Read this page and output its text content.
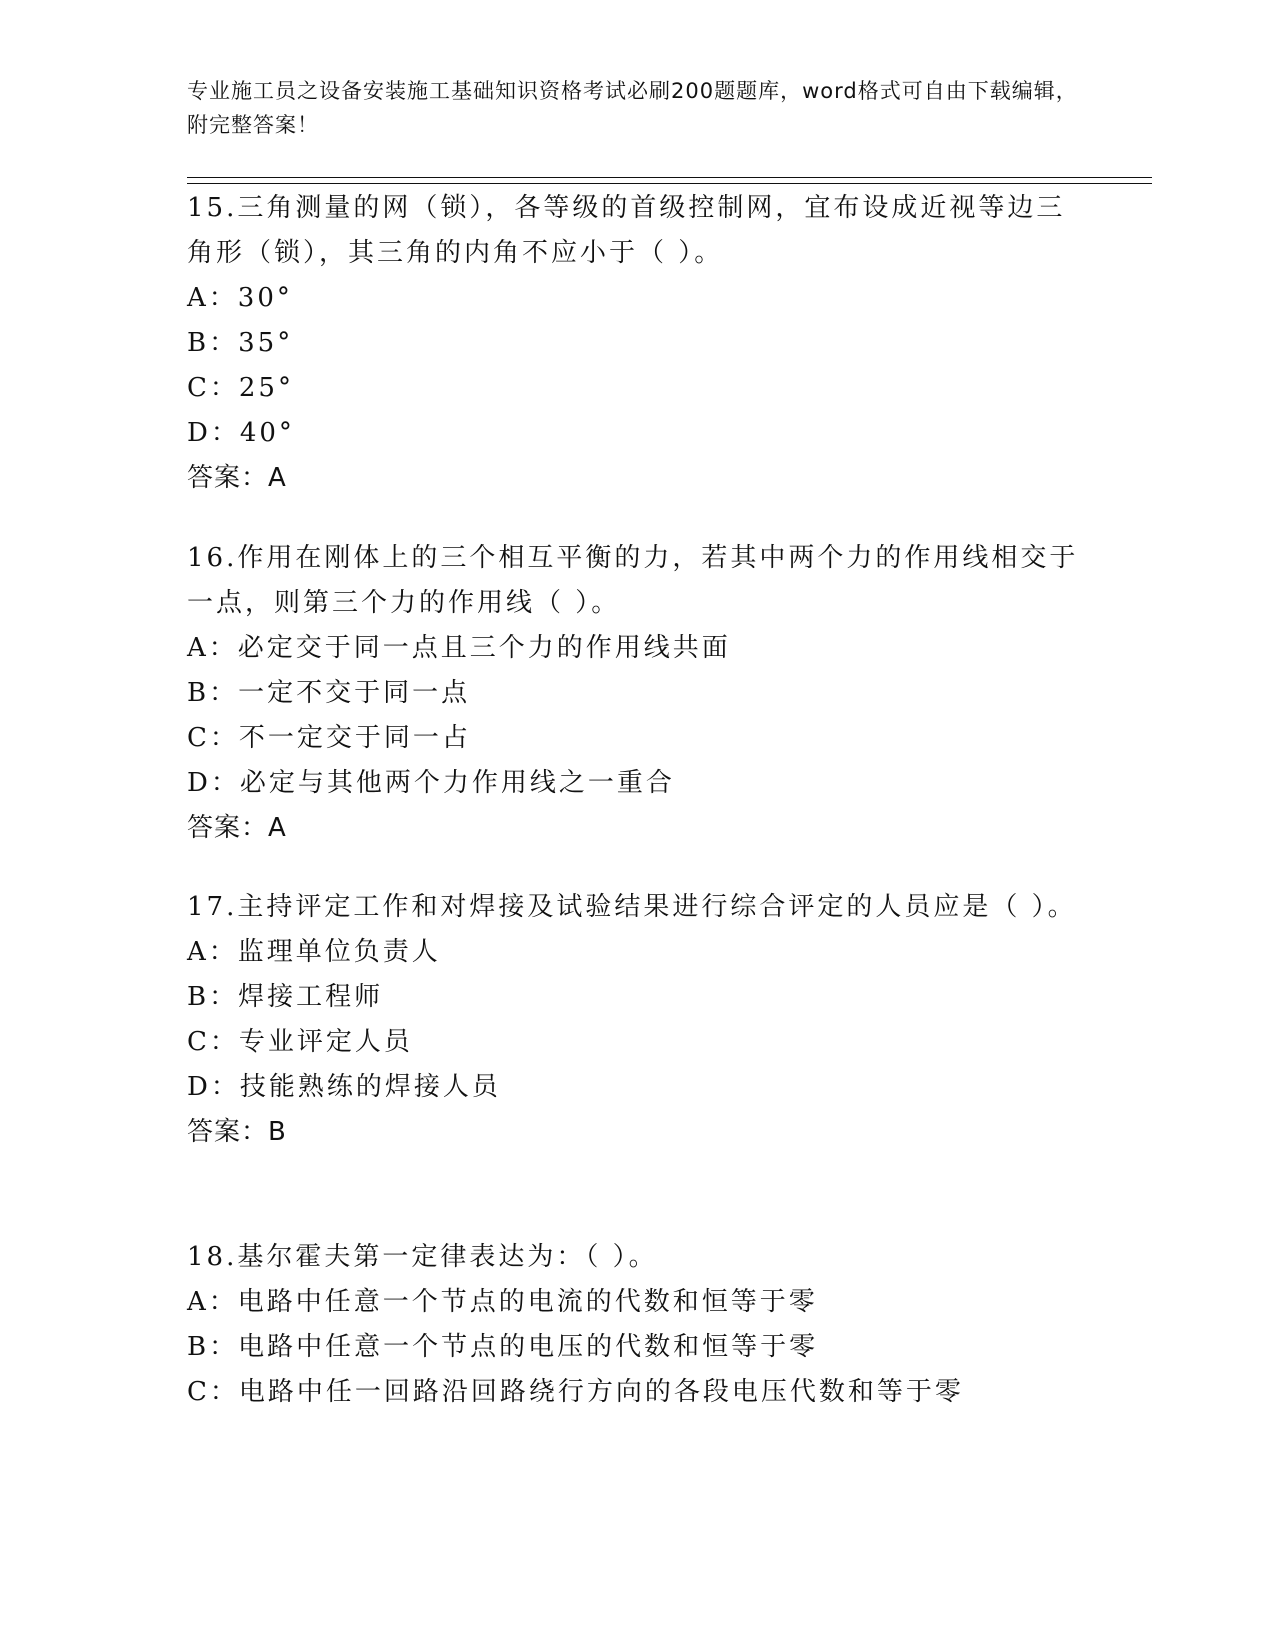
专业施工员之设备安装施工基础知识资格考试必刷200题题库，word格式可自由下载编辑，附完整答案！
15.三角测量的网（锁），各等级的首级控制网，宜布设成近视等边三角形（锁），其三角的内角不应小于（ ）。
A：30°
B：35°
C：25°
D：40°
答案：A
16.作用在刚体上的三个相互平衡的力，若其中两个力的作用线相交于一点，则第三个力的作用线（ ）。
A：必定交于同一点且三个力的作用线共面
B：一定不交于同一点
C：不一定交于同一占
D：必定与其他两个力作用线之一重合
答案：A
17.主持评定工作和对焊接及试验结果进行综合评定的人员应是（ ）。
A：监理单位负责人
B：焊接工程师
C：专业评定人员
D：技能熟练的焊接人员
答案：B
18.基尔霍夫第一定律表达为：（ ）。
A：电路中任意一个节点的电流的代数和恒等于零
B：电路中任意一个节点的电压的代数和恒等于零
C：电路中任一回路沿回路绕行方向的各段电压代数和等于零
